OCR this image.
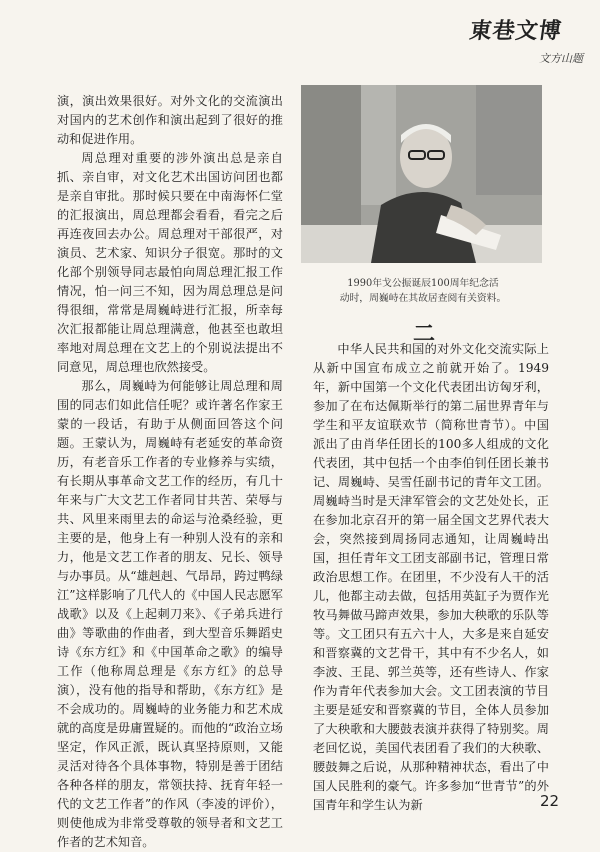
東巷文博
文方山题

演，演出效果很好。对外文化的交流演出对国内的艺术创作和演出起到了很好的推动和促进作用。

周总理对重要的涉外演出总是亲自抓、亲自审，对文化艺术出国访问团也都是亲自审批。那时候只要在中南海怀仁堂的汇报演出，周总理都会看看，看完之后再连夜回去办公。周总理对干部很严，对演员、艺术家、知识分子很宽。那时的文化部个别领导同志最怕向周总理汇报工作情况，怕一问三不知，因为周总理总是问得很细，常常是周巍峙进行汇报，所幸每次汇报都能让周总理满意，他甚至也敢坦率地对周总理在文艺上的个别说法提出不同意见，周总理也欣然接受。

那么，周巍峙为何能够让周总理和周围的同志们如此信任呢？或许著名作家王蒙的一段话，有助于从侧面回答这个问题。王蒙认为，周巍峙有老延安的革命资历，有老音乐工作者的专业修养与实绩，有长期从事革命文艺工作的经历，有几十年来与广大文艺工作者同甘共苦、荣辱与共、风里来雨里去的命运与沧桑经验，更主要的是，他身上有一种别人没有的亲和力，他是文艺工作者的朋友、兄长、领导与办事员。从“雄赳赳、气昂昂，跨过鸭绿江”这样影响了几代人的《中国人民志愿军战歌》以及《上起刺刀来》、《子弟兵进行曲》等歌曲的作曲者，到大型音乐舞蹈史诗《东方红》和《中国革命之歌》的编导工作（他称周总理是《东方红》的总导演），没有他的指导和帮助，《东方红》是不会成功的。周巍峙的业务能力和艺术成就的高度是毋庸置疑的。而他的“政治立场坚定，作风正派，既认真坚持原则，又能灵活对待各个具体事物，特别是善于团结各种各样的朋友，常领扶持、抚育年轻一代的文艺工作者”的作风（李凌的评价），则使他成为非常受尊敬的领导者和文艺工作者的艺术知音。

1990年戈公振诞辰100周年纪念活
动时，周巍峙在其故居查阅有关资料。
二

中华人民共和国的对外文化交流实际上从新中国宣布成立之前就开始了。1949年，新中国第一个文化代表团出访匈牙利，参加了在布达佩斯举行的第二届世界青年与学生和平友谊联欢节（简称世青节）。中国派出了由肖华任团长的100多人组成的文化代表团，其中包括一个由李伯钊任团长兼书记、周巍峙、吴雪任副书记的青年文工团。周巍峙当时是天津军管会的文艺处处长，正在参加北京召开的第一届全国文艺界代表大会，突然接到周扬同志通知，让周巍峙出国，担任青年文工团支部副书记，管理日常政治思想工作。在团里，不少没有人干的活儿，他都主动去做，包括用英缸子为贾作光牧马舞做马蹄声效果，参加大秧歌的乐队等等。文工团只有五六十人，大多是来自延安和晋察冀的文艺骨干，其中有不少名人，如李波、王昆、郭兰英等，还有些诗人、作家作为青年代表参加大会。文工团表演的节目主要是延安和晋察冀的节目，全体人员参加了大秧歌和大腰鼓表演并获得了特别奖。周老回忆说，美国代表团看了我们的大秧歌、腰鼓舞之后说，从那种精神状态，看出了中国人民胜利的豪气。许多参加“世青节”的外国青年和学生认为新	22
